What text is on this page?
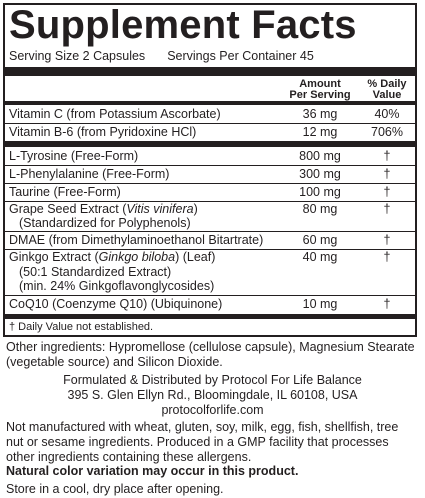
Supplement Facts
Serving Size 2 Capsules Servings Per Container 45
Amount
Per Serving
% Daily
Value
Vitamin C (from Potassium Ascorbate)	36 mg	40%
Vitamin B-6 (from Pyridoxine HCl)	12 mg	706%
L-Tyrosine (Free-Form)	800 mg	†
L-Phenylalanine (Free-Form)	300 mg	†
Taurine (Free-Form)	100 mg	†
Grape Seed Extract (Vitis vinifera)
(Standardized for Polyphenols)
80 mg	†
DMAE (from Dimethylaminoethanol Bitartrate)	60 mg	†
Ginkgo Extract (Ginkgo biloba) (Leaf)
(50:1 Standardized Extract)
(min. 24% Ginkgoflavonglycosides)
40 mg	†
CoQ10 (Coenzyme Q10) (Ubiquinone)	10 mg	†
† Daily Value not established.
Other ingredients: Hypromellose (cellulose capsule), Magnesium Stearate (vegetable source) and Silicon Dioxide.
Formulated & Distributed by Protocol For Life Balance
395 S. Glen Ellyn Rd., Bloomingdale, IL 60108, USA
protocolforlife.com
Not manufactured with wheat, gluten, soy, milk, egg, fish, shellfish, tree nut or sesame ingredients. Produced in a GMP facility that processes other ingredients containing these allergens.
Natural color variation may occur in this product.
Store in a cool, dry place after opening.
